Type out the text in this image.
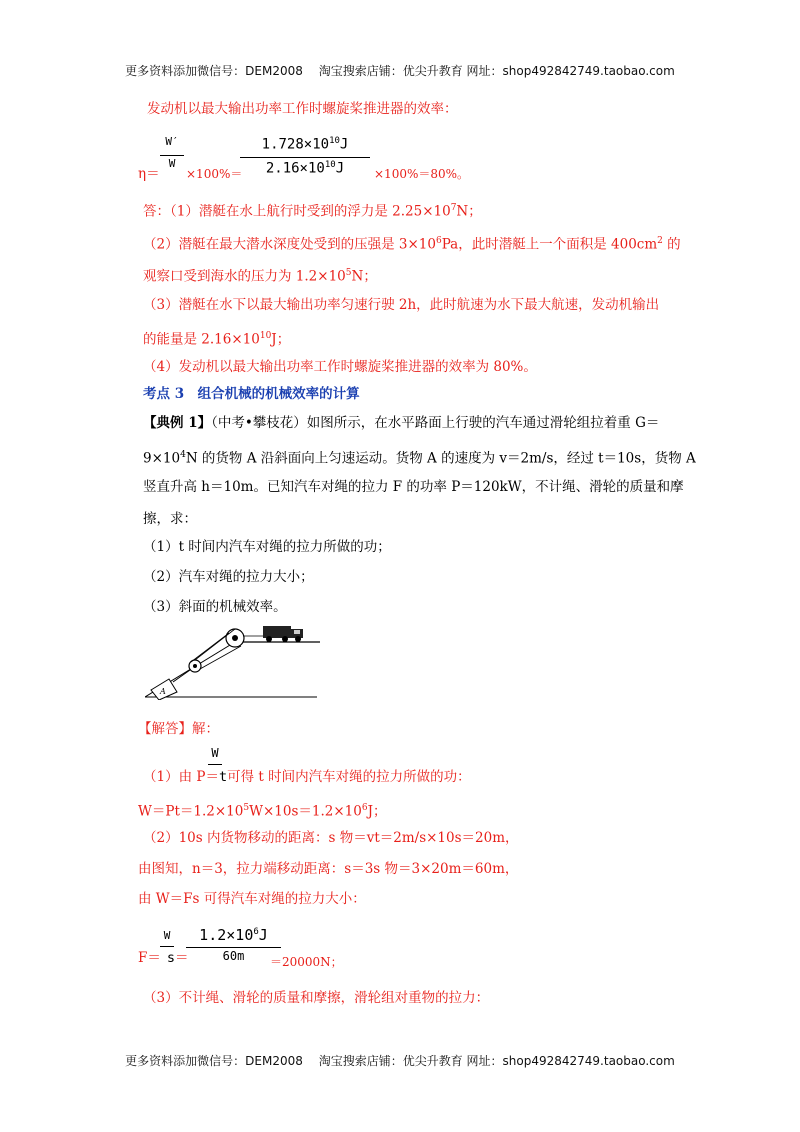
更多资料添加微信号：DEM2008　 淘宝搜索店铺：优尖升教育 网址：shop492842749.taobao.com
发动机以最大输出功率工作时螺旋桨推进器的效率：
W′
W
η＝ ×100%＝
$1.728\times 10^{10}J$
$2.16\times 10^{10}J$	×100%＝80%。
答：（1）潜艇在水上航行时受到的浮力是 $2.25\times 10^7N$；
（2）潜艇在最大潜水深度处受到的压强是 $3\times 10^6Pa$，此时潜艇上一个面积是 $400cm^2$ 的
观察口受到海水的压力为 $1.2\times 10^5N$；
（3）潜艇在水下以最大输出功率匀速行驶 2h，此时航速为水下最大航速，发动机输出
的能量是 $2.16\times 10^{10}J$；
（4）发动机以最大输出功率工作时螺旋桨推进器的效率为 80%。
考点 3　组合机械的机械效率的计算
【典例 1】（中考•攀枝花）如图所示，在水平路面上行驶的汽车通过滑轮组拉着重 G＝
$9\times 10^4N$ 的货物 A 沿斜面向上匀速运动。货物 A 的速度为 v＝2m/s，经过 t＝10s，货物 A
竖直升高 h＝10m。已知汽车对绳的拉力 F 的功率 P＝120kW，不计绳、滑轮的质量和摩
擦，求：
（1）t 时间内汽车对绳的拉力所做的功；
（2）汽车对绳的拉力大小；
（3）斜面的机械效率。
A
【解答】解：
W
（1）由 P＝t可得 t 时间内汽车对绳的拉力所做的功：
$W=Pt=1.2\times 10^5W\times 10s=1.2\times 10^6J$；
（2）10s 内货物移动的距离：s 物＝vt＝2m/s×10s＝20m，
由图知，n＝3，拉力端移动距离：s＝3s 物＝3×20m＝60m，
由 W＝Fs 可得汽车对绳的拉力大小：
W
F＝ s＝
$1.2\times 10^6J$
60m	＝20000N；
（3）不计绳、滑轮的质量和摩擦，滑轮组对重物的拉力：
更多资料添加微信号：DEM2008　 淘宝搜索店铺：优尖升教育 网址：shop492842749.taobao.com
